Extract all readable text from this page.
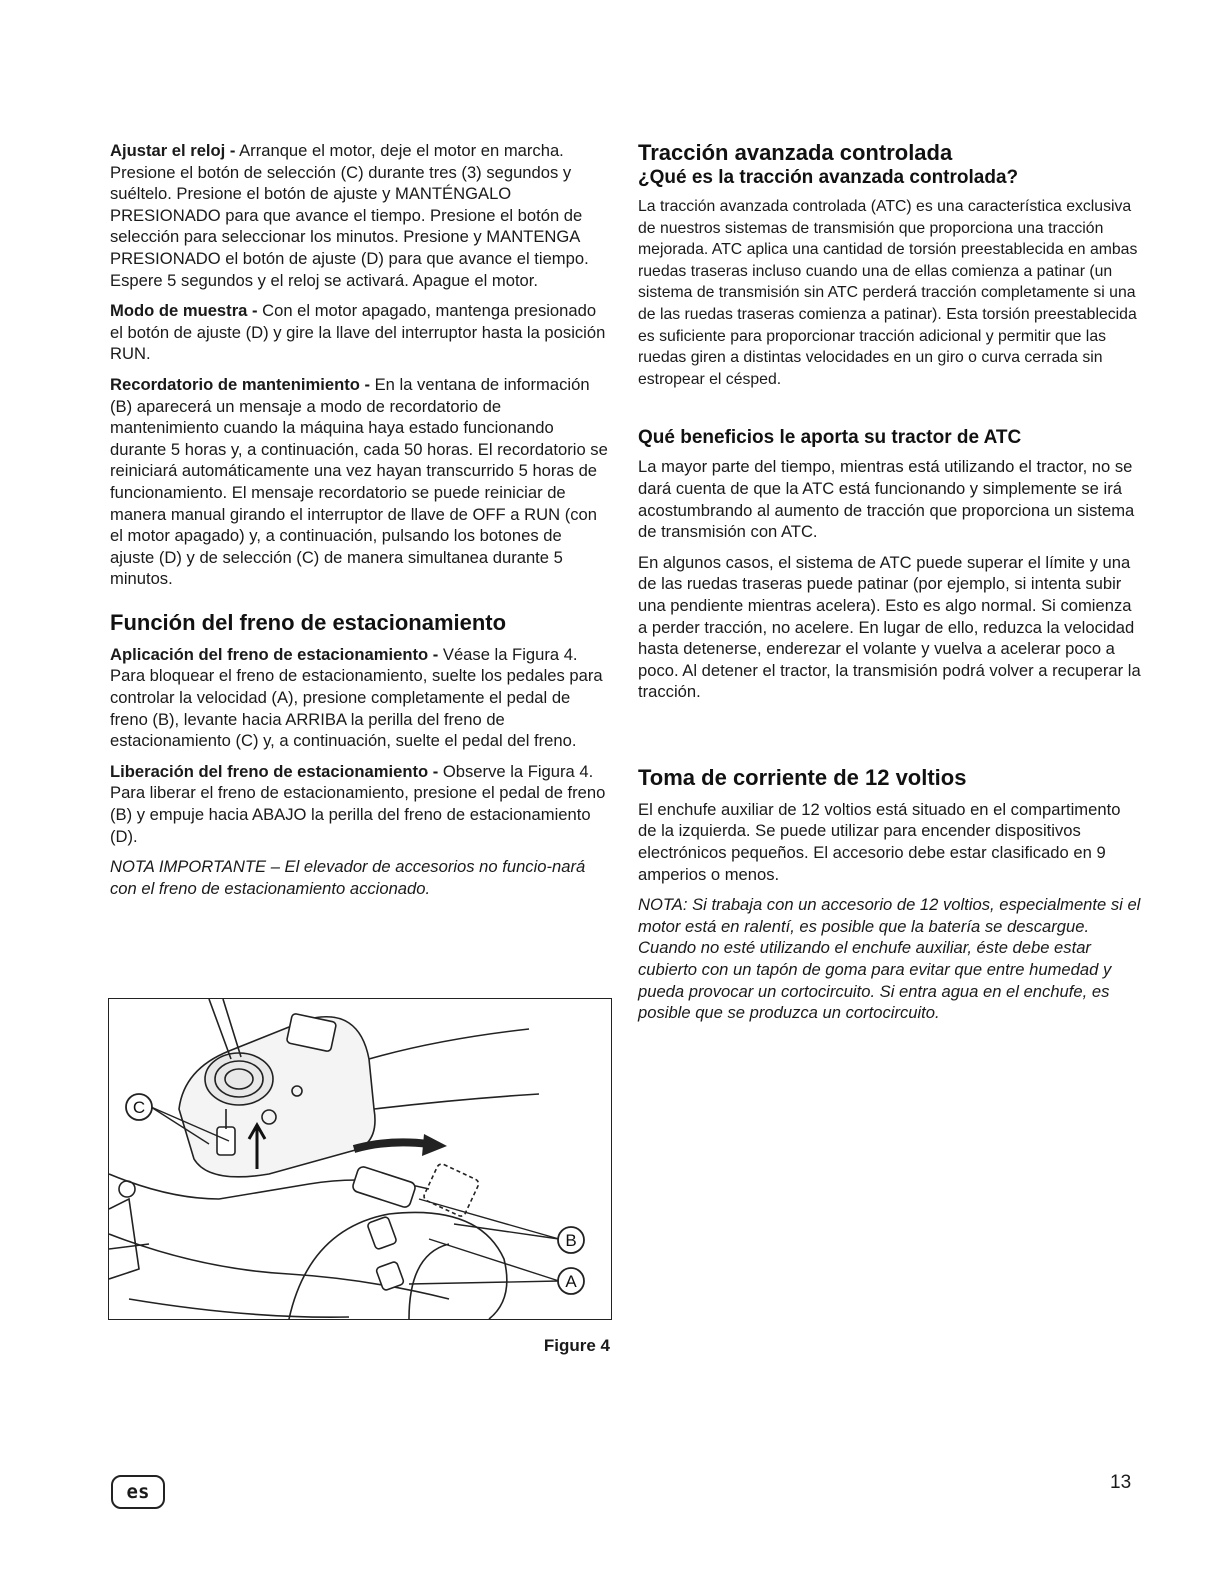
Ajustar el reloj - Arranque el motor, deje el motor en marcha. Presione el botón de selección (C) durante tres (3) segundos y suéltelo. Presione el botón de ajuste y MANTÉNGALO PRESIONADO para que avance el tiempo. Presione el botón de selección para seleccionar los minutos. Presione y MANTENGA PRESIONADO el botón de ajuste (D) para que avance el tiempo. Espere 5 segundos y el reloj se activará. Apague el motor.

Modo de muestra - Con el motor apagado, mantenga presionado el botón de ajuste (D) y gire la llave del interruptor hasta la posición RUN.

Recordatorio de mantenimiento - En la ventana de información (B) aparecerá un mensaje a modo de recordatorio de mantenimiento cuando la máquina haya estado funcionando durante 5 horas y, a continuación, cada 50 horas. El recordatorio se reiniciará automáticamente una vez hayan transcurrido 5 horas de funcionamiento. El mensaje recordatorio se puede reiniciar de manera manual girando el interruptor de llave de OFF a RUN (con el motor apagado) y, a continuación, pulsando los botones de ajuste (D) y de selección (C) de manera simultanea durante 5 minutos.

Función del freno de estacionamiento

Aplicación del freno de estacionamiento - Véase la Figura 4. Para bloquear el freno de estacionamiento, suelte los pedales para controlar la velocidad (A), presione completamente el pedal de freno (B), levante hacia ARRIBA la perilla del freno de estacionamiento (C) y, a continuación, suelte el pedal del freno.

Liberación del freno de estacionamiento - Observe la Figura 4. Para liberar el freno de estacionamiento, presione el pedal de freno (B) y empuje hacia ABAJO la perilla del freno de estacionamiento (D).

NOTA IMPORTANTE – El elevador de accesorios no funcio-nará con el freno de estacionamiento accionado.

C
B
A
Figure 4
Tracción avanzada controlada
¿Qué es la tracción avanzada controlada?

La tracción avanzada controlada (ATC) es una característica exclusiva de nuestros sistemas de transmisión que proporciona una tracción mejorada. ATC aplica una cantidad de torsión preestablecida en ambas ruedas traseras incluso cuando una de ellas comienza a patinar (un sistema de transmisión sin ATC perderá tracción completamente si una de las ruedas traseras comienza a patinar). Esta torsión preestablecida es suficiente para proporcionar tracción adicional y permitir que las ruedas giren a distintas velocidades en un giro o curva cerrada sin estropear el césped.

Qué beneficios le aporta su tractor de ATC

La mayor parte del tiempo, mientras está utilizando el tractor, no se dará cuenta de que la ATC está funcionando y simplemente se irá acostumbrando al aumento de tracción que proporciona un sistema de transmisión con ATC.

En algunos casos, el sistema de ATC puede superar el límite y una de las ruedas traseras puede patinar (por ejemplo, si intenta subir una pendiente mientras acelera). Esto es algo normal. Si comienza a perder tracción, no acelere. En lugar de ello, reduzca la velocidad hasta detenerse, enderezar el volante y vuelva a acelerar poco a poco. Al detener el tractor, la transmisión podrá volver a recuperar la tracción.

Toma de corriente de 12 voltios

El enchufe auxiliar de 12 voltios está situado en el compartimento de la izquierda. Se puede utilizar para encender dispositivos electrónicos pequeños. El accesorio debe estar clasificado en 9 amperios o menos.

NOTA: Si trabaja con un accesorio de 12 voltios, especialmente si el motor está en ralentí, es posible que la batería se descargue. Cuando no esté utilizando el enchufe auxiliar, éste debe estar cubierto con un tapón de goma para evitar que entre humedad y pueda provocar un cortocircuito. Si entra agua en el enchufe, es posible que se produzca un cortocircuito.

es	13
